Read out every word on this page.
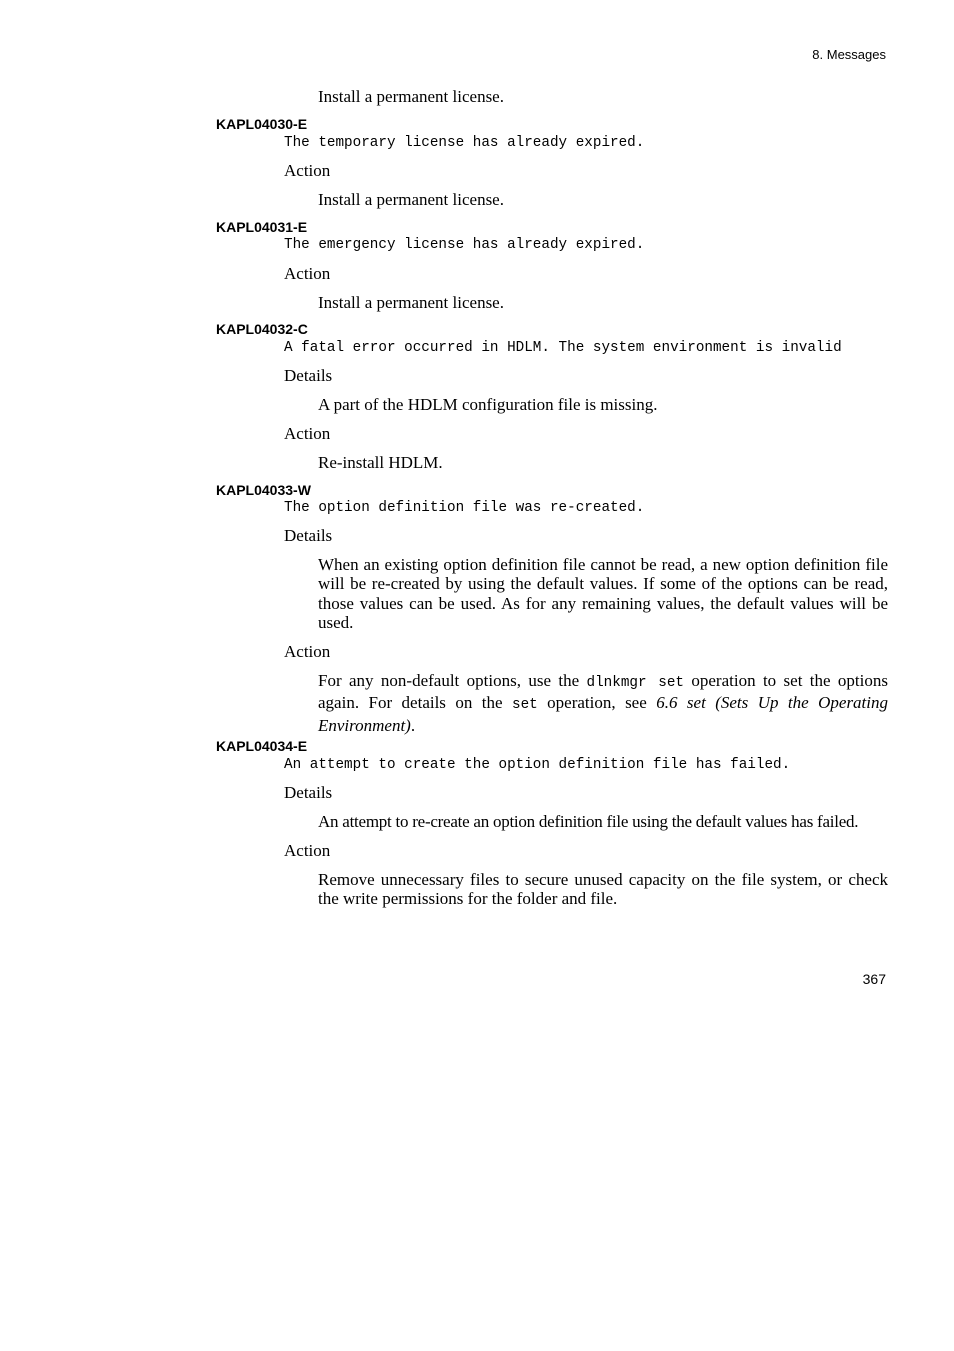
8. Messages
Install a permanent license.
KAPL04030-E
The temporary license has already expired.
Action
Install a permanent license.
KAPL04031-E
The emergency license has already expired.
Action
Install a permanent license.
KAPL04032-C
A fatal error occurred in HDLM. The system environment is invalid
Details
A part of the HDLM configuration file is missing.
Action
Re-install HDLM.
KAPL04033-W
The option definition file was re-created.
Details
When an existing option definition file cannot be read, a new option definition file will be re-created by using the default values. If some of the options can be read, those values can be used. As for any remaining values, the default values will be used.
Action
For any non-default options, use the dlnkmgr set operation to set the options again. For details on the set operation, see 6.6 set (Sets Up the Operating Environment).
KAPL04034-E
An attempt to create the option definition file has failed.
Details
An attempt to re-create an option definition file using the default values has failed.
Action
Remove unnecessary files to secure unused capacity on the file system, or check the write permissions for the folder and file.
367
